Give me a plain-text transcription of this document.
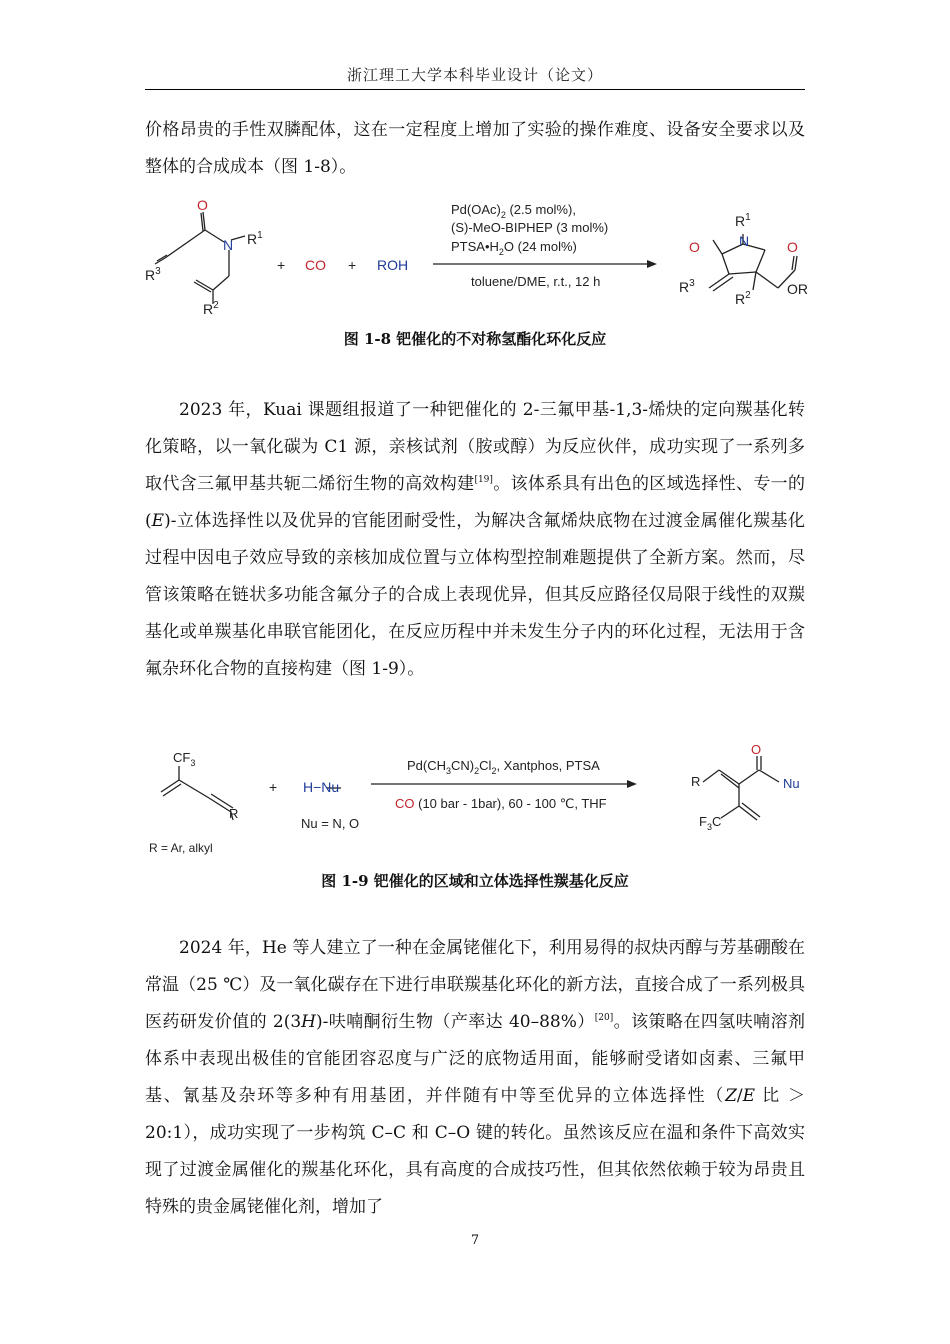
浙江理工大学本科毕业设计（论文）

价格昂贵的手性双膦配体，这在一定程度上增加了实验的操作难度、设备安全要求以及整体的合成成本（图 1-8）。

O
N $R^1$
$R^3$
$R^2$
+ CO + ROH
$Pd(OAc)_2$ (2.5 mol%),
(S)-MeO-BIPHEP (3 mol%)
$PTSA•H_2O$ (24 mol%)
toluene/DME, r.t., 12 h
O	N
$R^1$
$R^3$
$R^2$
O
OR
图 1-8 钯催化的不对称氢酯化环化反应

2023 年，Kuai 课题组报道了一种钯催化的 2-三氟甲基-1,3-烯炔的定向羰基化转化策略，以一氧化碳为 C1 源，亲核试剂（胺或醇）为反应伙伴，成功实现了一系列多取代含三氟甲基共轭二烯衍生物的高效构建[19]。该体系具有出色的区域选择性、专一的(E)-立体选择性以及优异的官能团耐受性，为解决含氟烯炔底物在过渡金属催化羰基化过程中因电子效应导致的亲核加成位置与立体构型控制难题提供了全新方案。然而，尽管该策略在链状多功能含氟分子的合成上表现优异，但其反应路径仅局限于线性的双羰基化或单羰基化串联官能团化，在反应历程中并未发生分子内的环化过程，无法用于含氟杂环化合物的直接构建（图 1-9）。

$CF_3$
R
R = Ar, alkyl
+ H−Nu
Nu = N, O
$Pd(CH_3CN)_2Cl_2$, Xantphos, PTSA
CO (10 bar - 1bar), 60 - 100 ℃, THF
O
Nu
R
$F_3C$
图 1-9 钯催化的区域和立体选择性羰基化反应

2024 年，He 等人建立了一种在金属铑催化下，利用易得的叔炔丙醇与芳基硼酸在常温（25 ℃）及一氧化碳存在下进行串联羰基化环化的新方法，直接合成了一系列极具医药研发价值的 2(3H)-呋喃酮衍生物（产率达 40–88%）[20]。该策略在四氢呋喃溶剂体系中表现出极佳的官能团容忍度与广泛的底物适用面，能够耐受诸如卤素、三氟甲基、氰基及杂环等多种有用基团，并伴随有中等至优异的立体选择性（Z/E 比 ＞ 20:1），成功实现了一步构筑 C–C 和 C–O 键的转化。虽然该反应在温和条件下高效实现了过渡金属催化的羰基化环化，具有高度的合成技巧性，但其依然依赖于较为昂贵且特殊的贵金属铑催化剂，增加了

7
